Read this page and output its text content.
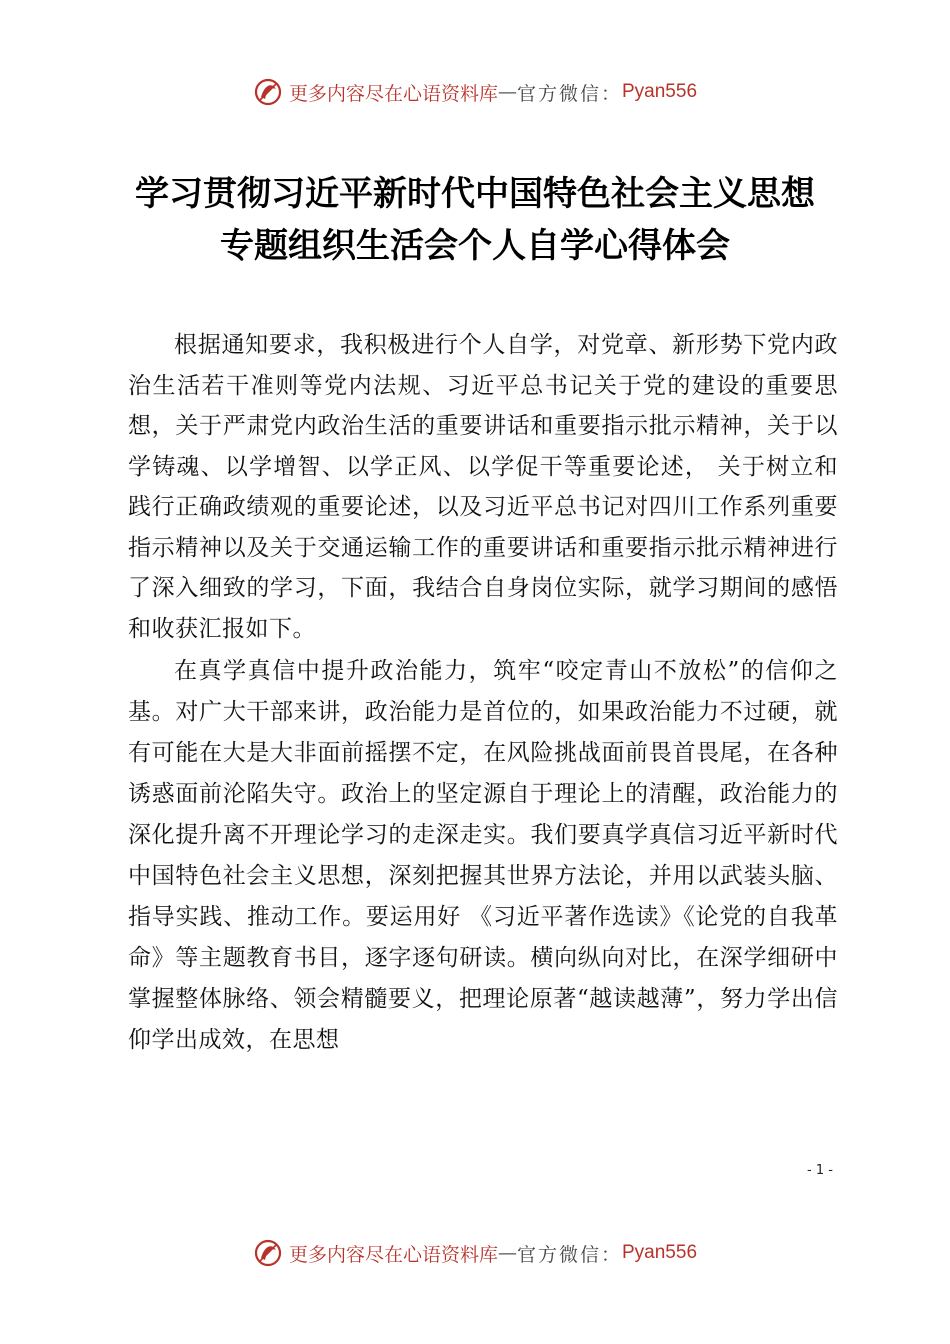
更多内容尽在心语资料库 — 官方微信： Pyan556
学习贯彻习近平新时代中国特色社会主义思想
专题组织生活会个人自学心得体会

根据通知要求，我积极进行个人自学，对党章、新形势下党内政治生活若干准则等党内法规、习近平总书记关于党的建设的重要思想，关于严肃党内政治生活的重要讲话和重要指示批示精神，关于以学铸魂、以学增智、以学正风、以学促干等重要论述， 关于树立和践行正确政绩观的重要论述，以及习近平总书记对四川工作系列重要指示精神以及关于交通运输工作的重要讲话和重要指示批示精神进行了深入细致的学习，下面，我结合自身岗位实际，就学习期间的感悟和收获汇报如下。

在真学真信中提升政治能力，筑牢“咬定青山不放松”的信仰之基。对广大干部来讲，政治能力是首位的，如果政治能力不过硬，就有可能在大是大非面前摇摆不定，在风险挑战面前畏首畏尾，在各种诱惑面前沦陷失守。政治上的坚定源自于理论上的清醒，政治能力的深化提升离不开理论学习的走深走实。我们要真学真信习近平新时代中国特色社会主义思想，深刻把握其世界方法论，并用以武装头脑、指导实践、推动工作。要运用好 《习近平著作选读》《论党的自我革命》等主题教育书目，逐字逐句研读。横向纵向对比，在深学细研中掌握整体脉络、领会精髓要义，把理论原著“越读越薄”，努力学出信仰学出成效，在思想

- 1 -
更多内容尽在心语资料库 — 官方微信： Pyan556
